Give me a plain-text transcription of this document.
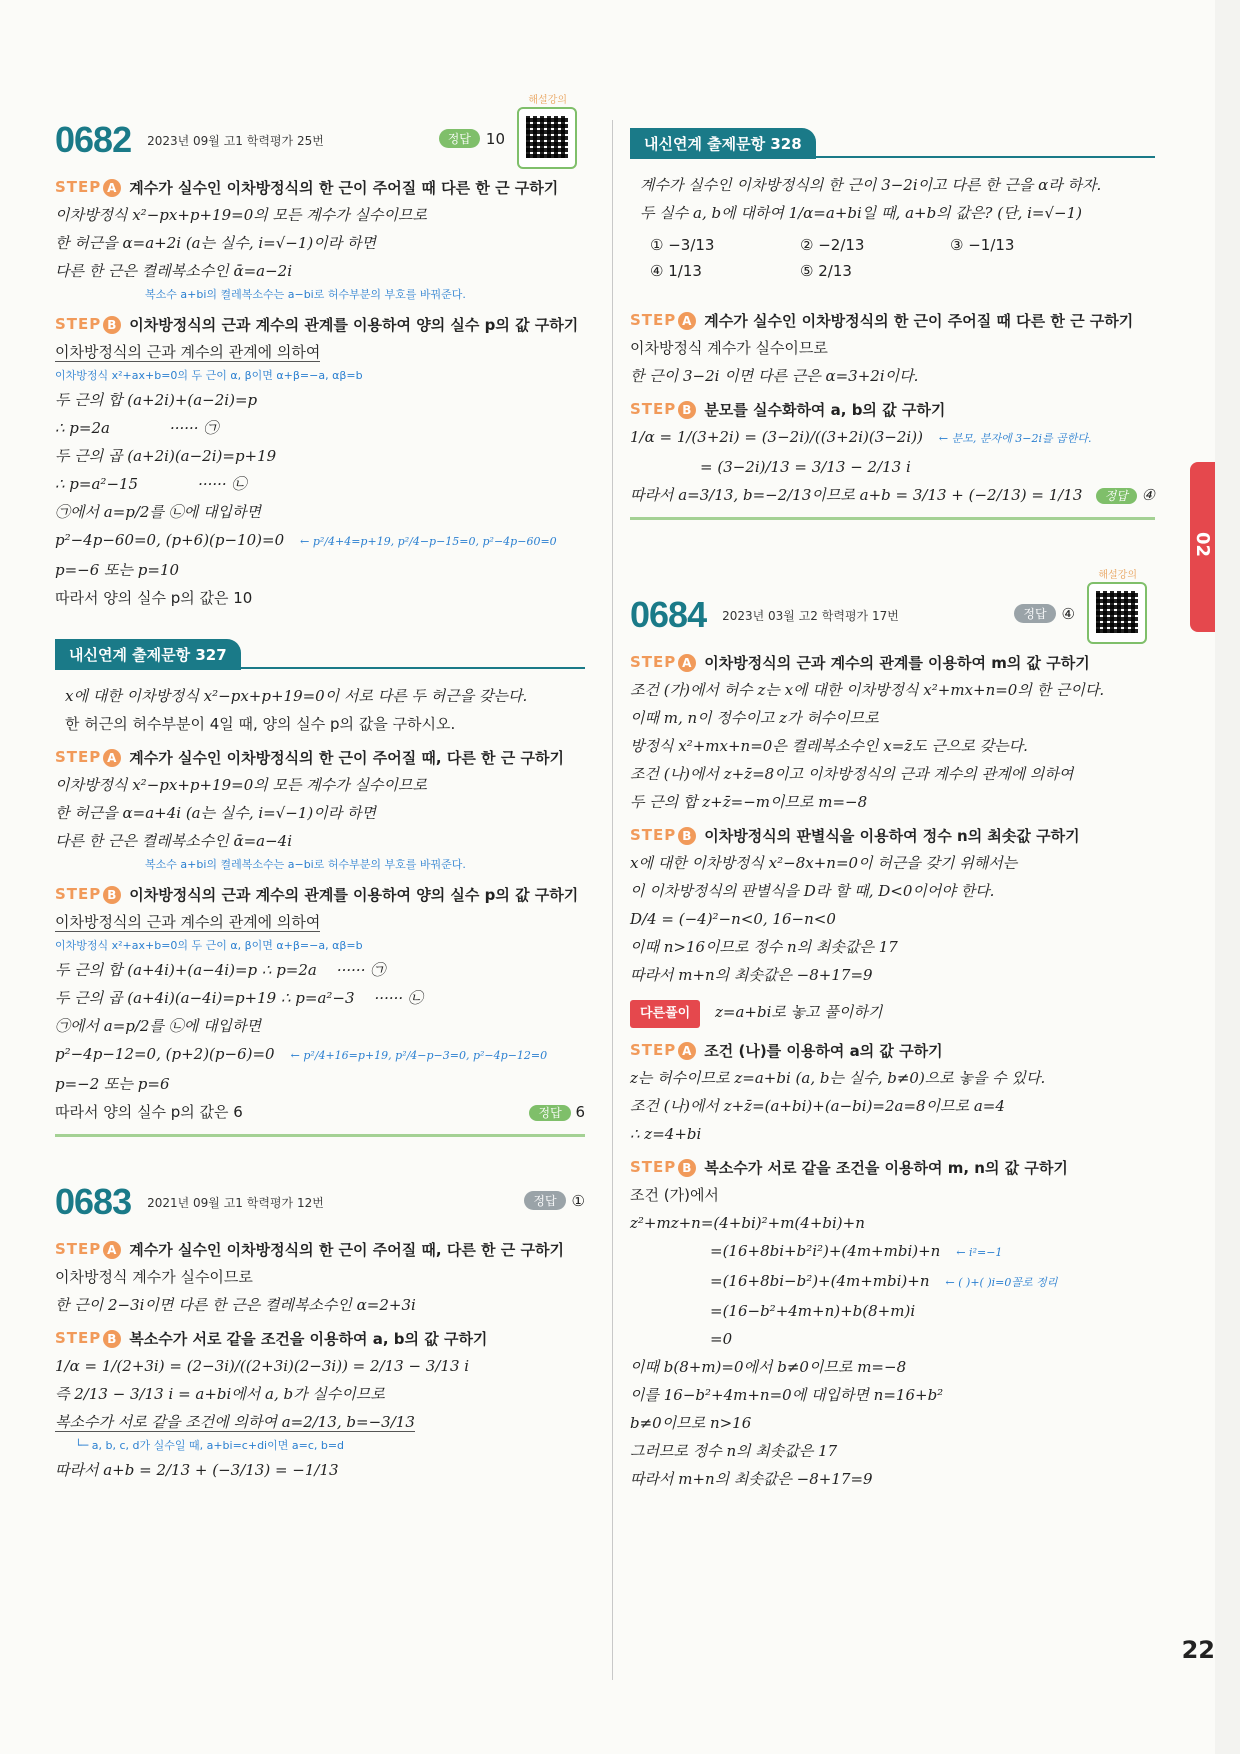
0682 2023년 09월 고1 학력평가 25번	정답	10
해설강의
STEP A 계수가 실수인 이차방정식의 한 근이 주어질 때 다른 한 근 구하기
이차방정식 x²−px+p+19=0의 모든 계수가 실수이므로
한 허근을 α=a+2i (a는 실수, i=√−1)이라 하면
다른 한 근은 켤레복소수인 ᾱ=a−2i
복소수 a+bi의 켤레복소수는 a−bi로 허수부분의 부호를 바꿔준다.
STEP B 이차방정식의 근과 계수의 관계를 이용하여 양의 실수 p의 값 구하기
이차방정식의 근과 계수의 관계에 의하여
이차방정식 x²+ax+b=0의 두 근이 α, β이면 α+β=−a, αβ=b
두 근의 합 (a+2i)+(a−2i)=p
∴ p=2a	······ ㉠
두 근의 곱 (a+2i)(a−2i)=p+19
∴ p=a²−15	······ ㉡
㉠에서 a=p/2를 ㉡에 대입하면
p²−4p−60=0, (p+6)(p−10)=0 ← p²/4+4=p+19, p²/4−p−15=0, p²−4p−60=0
p=−6 또는 p=10
따라서 양의 실수 p의 값은 10
내신연계 출제문항 327
x에 대한 이차방정식 x²−px+p+19=0이 서로 다른 두 허근을 갖는다.
한 허근의 허수부분이 4일 때, 양의 실수 p의 값을 구하시오.
STEP A 계수가 실수인 이차방정식의 한 근이 주어질 때, 다른 한 근 구하기
이차방정식 x²−px+p+19=0의 모든 계수가 실수이므로
한 허근을 α=a+4i (a는 실수, i=√−1)이라 하면
다른 한 근은 켤레복소수인 ᾱ=a−4i
복소수 a+bi의 켤레복소수는 a−bi로 허수부분의 부호를 바꿔준다.
STEP B 이차방정식의 근과 계수의 관계를 이용하여 양의 실수 p의 값 구하기
이차방정식의 근과 계수의 관계에 의하여
이차방정식 x²+ax+b=0의 두 근이 α, β이면 α+β=−a, αβ=b
두 근의 합 (a+4i)+(a−4i)=p ∴ p=2a ······ ㉠
두 근의 곱 (a+4i)(a−4i)=p+19 ∴ p=a²−3 ······ ㉡
㉠에서 a=p/2를 ㉡에 대입하면
p²−4p−12=0, (p+2)(p−6)=0 ← p²/4+16=p+19, p²/4−p−3=0, p²−4p−12=0
p=−2 또는 p=6
따라서 양의 실수 p의 값은 6	정답 6
0683 2021년 09월 고1 학력평가 12번	정답	①
STEP A 계수가 실수인 이차방정식의 한 근이 주어질 때, 다른 한 근 구하기
이차방정식 계수가 실수이므로
한 근이 2−3i이면 다른 한 근은 켤레복소수인 α=2+3i
STEP B 복소수가 서로 같을 조건을 이용하여 a, b의 값 구하기
1/α = 1/(2+3i) = (2−3i)/((2+3i)(2−3i)) = 2/13 − 3/13 i
즉 2/13 − 3/13 i = a+bi에서 a, b가 실수이므로
복소수가 서로 같을 조건에 의하여 a=2/13, b=−3/13
└─ a, b, c, d가 실수일 때, a+bi=c+di이면 a=c, b=d
따라서 a+b = 2/13 + (−3/13) = −1/13
내신연계 출제문항 328
계수가 실수인 이차방정식의 한 근이 3−2i이고 다른 한 근을 α라 하자.
두 실수 a, b에 대하여 1/α=a+bi일 때, a+b의 값은? (단, i=√−1)
① −3/13	② −2/13	③ −1/13
④ 1/13	⑤ 2/13
STEP A 계수가 실수인 이차방정식의 한 근이 주어질 때 다른 한 근 구하기
이차방정식 계수가 실수이므로
한 근이 3−2i 이면 다른 근은 α=3+2i이다.
STEP B 분모를 실수화하여 a, b의 값 구하기
1/α = 1/(3+2i) = (3−2i)/((3+2i)(3−2i)) ← 분모, 분자에 3−2i를 곱한다.
= (3−2i)/13 = 3/13 − 2/13 i
따라서 a=3/13, b=−2/13이므로 a+b = 3/13 + (−2/13) = 1/13	정답 ④
0684 2023년 03월 고2 학력평가 17번	정답	④
해설강의
STEP A 이차방정식의 근과 계수의 관계를 이용하여 m의 값 구하기
조건 (가)에서 허수 z는 x에 대한 이차방정식 x²+mx+n=0의 한 근이다.
이때 m, n이 정수이고 z가 허수이므로
방정식 x²+mx+n=0은 켤레복소수인 x=z̄도 근으로 갖는다.
조건 (나)에서 z+z̄=8이고 이차방정식의 근과 계수의 관계에 의하여
두 근의 합 z+z̄=−m이므로 m=−8
STEP B 이차방정식의 판별식을 이용하여 정수 n의 최솟값 구하기
x에 대한 이차방정식 x²−8x+n=0이 허근을 갖기 위해서는
이 이차방정식의 판별식을 D라 할 때, D<0이어야 한다.
D/4 = (−4)²−n<0, 16−n<0
이때 n>16이므로 정수 n의 최솟값은 17
따라서 m+n의 최솟값은 −8+17=9
다른풀이 z=a+bi로 놓고 풀이하기
STEP A 조건 (나)를 이용하여 a의 값 구하기
z는 허수이므로 z=a+bi (a, b는 실수, b≠0)으로 놓을 수 있다.
조건 (나)에서 z+z̄=(a+bi)+(a−bi)=2a=8이므로 a=4
∴ z=4+bi
STEP B 복소수가 서로 같을 조건을 이용하여 m, n의 값 구하기
조건 (가)에서
z²+mz+n=(4+bi)²+m(4+bi)+n
=(16+8bi+b²i²)+(4m+mbi)+n ← i²=−1
=(16+8bi−b²)+(4m+mbi)+n ← ( )+( )i=0꼴로 정리
=(16−b²+4m+n)+b(8+m)i
=0
이때 b(8+m)=0에서 b≠0이므로 m=−8
이를 16−b²+4m+n=0에 대입하면 n=16+b²
b≠0이므로 n>16
그러므로 정수 n의 최솟값은 17
따라서 m+n의 최솟값은 −8+17=9
02
22
